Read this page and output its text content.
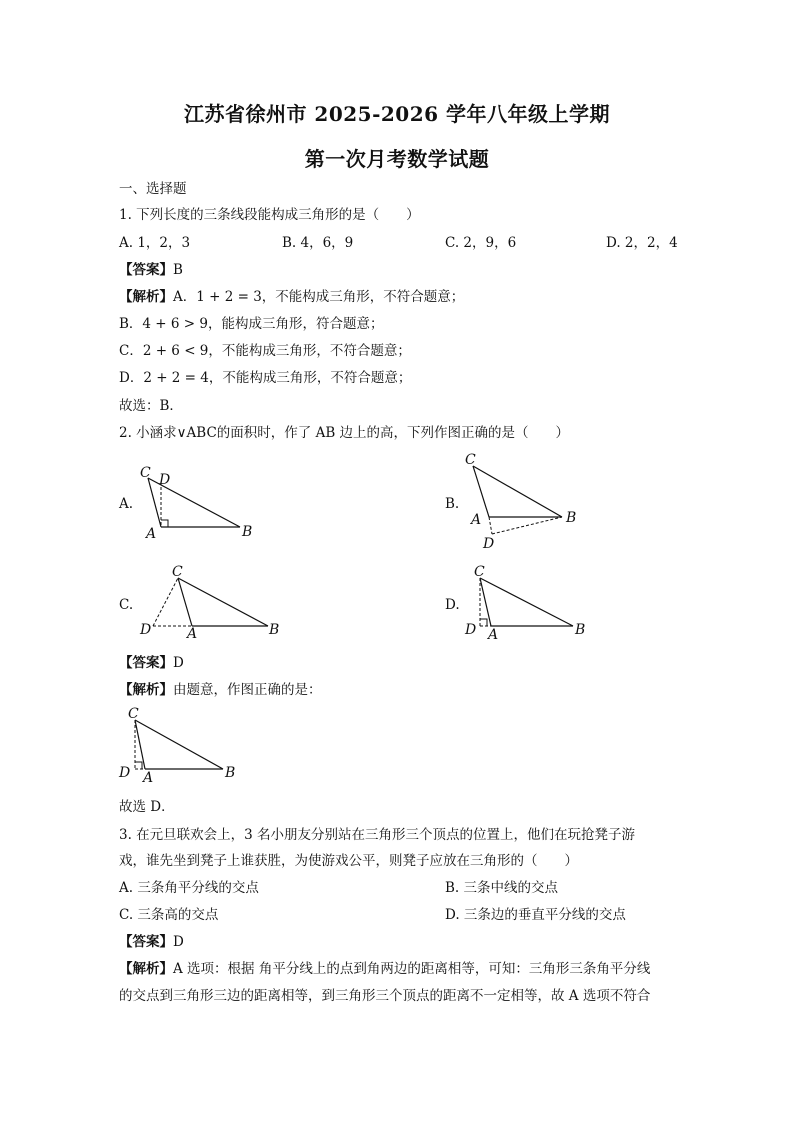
江苏省徐州市 2025-2026 学年八年级上学期
第一次月考数学试题
一、选择题
1. 下列长度的三条线段能构成三角形的是（　　）
A. 1，2，3	B. 4，6，9	C. 2，9，6	D. 2，2，4
【答案】B
【解析】A．1 + 2 = 3，不能构成三角形，不符合题意；
B．4 + 6 > 9，能构成三角形，符合题意；
C．2 + 6 < 9，不能构成三角形，不符合题意；
D．2 + 2 = 4，不能构成三角形，不符合题意；
故选：B．
2. 小涵求∨ABC的面积时，作了 AB 边上的高，下列作图正确的是（　　）
A.	B.
C.	D.
C D
A	B
C
A	B
D
C
D	A	B
C
D A	B
【答案】D
【解析】由题意，作图正确的是：
C
D A	B
故选 D．
3. 在元旦联欢会上，3 名小朋友分别站在三角形三个顶点的位置上，他们在玩抢凳子游
戏，谁先坐到凳子上谁获胜，为使游戏公平，则凳子应放在三角形的（　　）
A. 三条角平分线的交点	B. 三条中线的交点
C. 三条高的交点	D. 三条边的垂直平分线的交点
【答案】D
【解析】A 选项：根据 角平分线上的点到角两边的距离相等，可知：三角形三条角平分线
的交点到三角形三边的距离相等，到三角形三个顶点的距离不一定相等，故 A 选项不符合
